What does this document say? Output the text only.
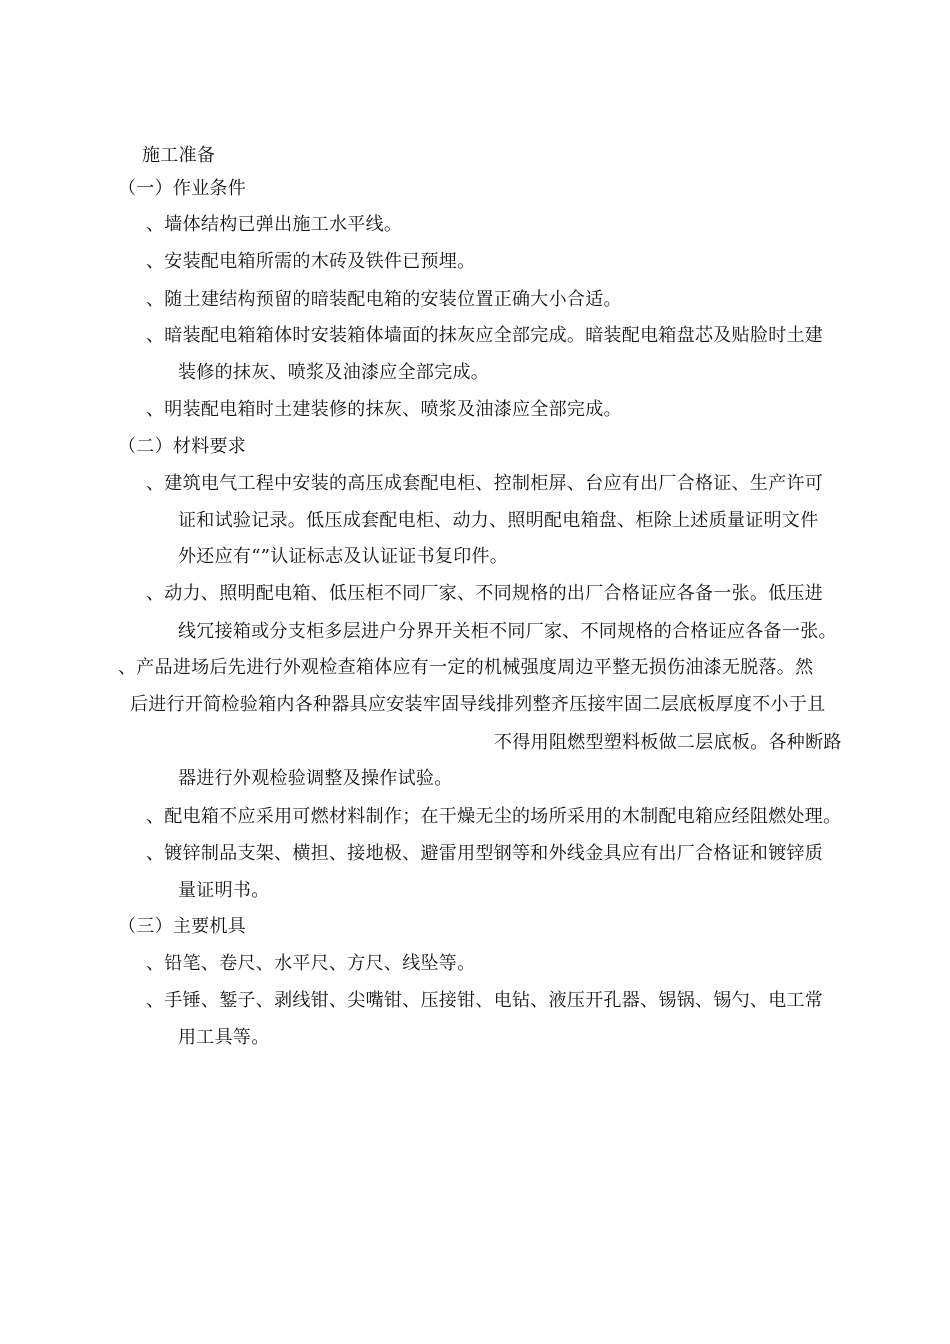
施工准备
（一）作业条件
、墙体结构已弹出施工水平线。
、安装配电箱所需的木砖及铁件已预埋。
、随土建结构预留的暗装配电箱的安装位置正确大小合适。
、暗装配电箱箱体时安装箱体墙面的抹灰应全部完成。暗装配电箱盘芯及贴脸时土建
装修的抹灰、喷浆及油漆应全部完成。
、明装配电箱时土建装修的抹灰、喷浆及油漆应全部完成。
（二）材料要求
、建筑电气工程中安装的高压成套配电柜、控制柜屏、台应有出厂合格证、生产许可
证和试验记录。低压成套配电柜、动力、照明配电箱盘、柜除上述质量证明文件
外还应有“”认证标志及认证证书复印件。
、动力、照明配电箱、低压柜不同厂家、不同规格的出厂合格证应各备一张。低压进
线冗接箱或分支柜多层进户分界开关柜不同厂家、不同规格的合格证应各备一张。
、产品进场后先进行外观检查箱体应有一定的机械强度周边平整无损伤油漆无脱落。然
后进行开简检验箱内各种器具应安装牢固导线排列整齐压接牢固二层底板厚度不小于且
不得用阻燃型塑料板做二层底板。各种断路
器进行外观检验调整及操作试验。
、配电箱不应采用可燃材料制作；在干燥无尘的场所采用的木制配电箱应经阻燃处理。
、镀锌制品支架、横担、接地极、避雷用型钢等和外线金具应有出厂合格证和镀锌质
量证明书。
（三）主要机具
、铅笔、卷尺、水平尺、方尺、线坠等。
、手锤、錾子、剥线钳、尖嘴钳、压接钳、电钻、液压开孔器、锡锅、锡勺、电工常
用工具等。
